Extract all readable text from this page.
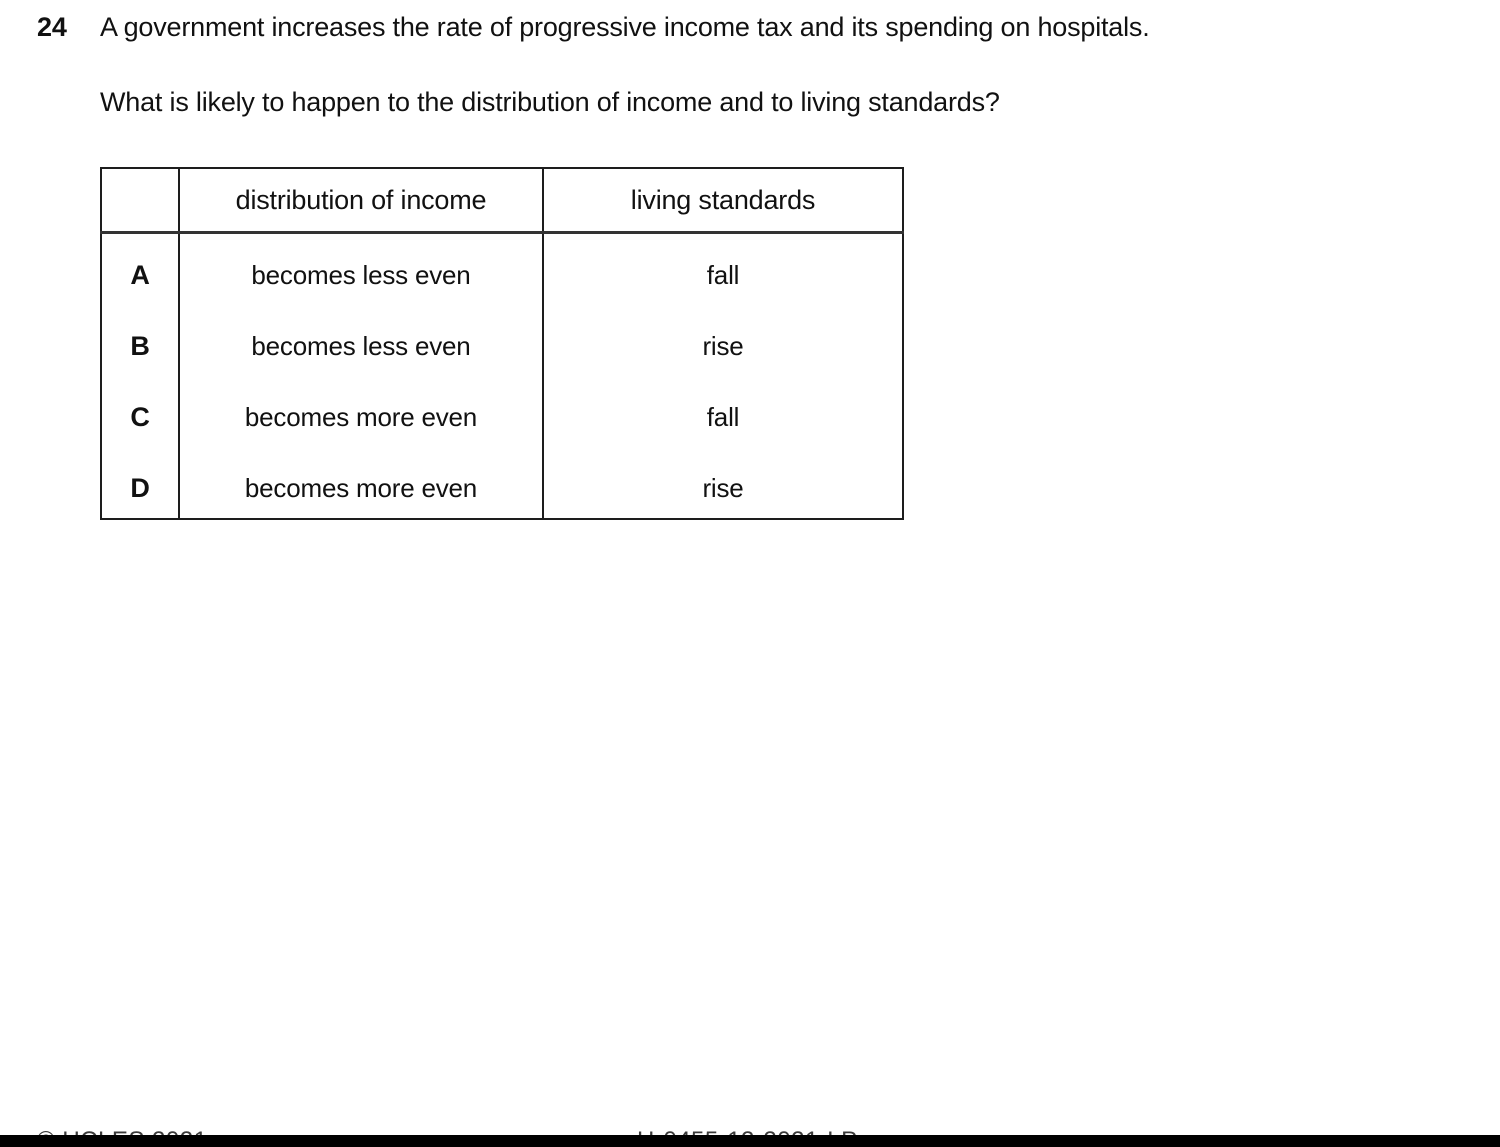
24 A government increases the rate of progressive income tax and its spending on hospitals.
What is likely to happen to the distribution of income and to living standards?
	distribution of income	living standards
A	becomes less even	fall
B	becomes less even	rise
C	becomes more even	fall
D	becomes more even	rise
